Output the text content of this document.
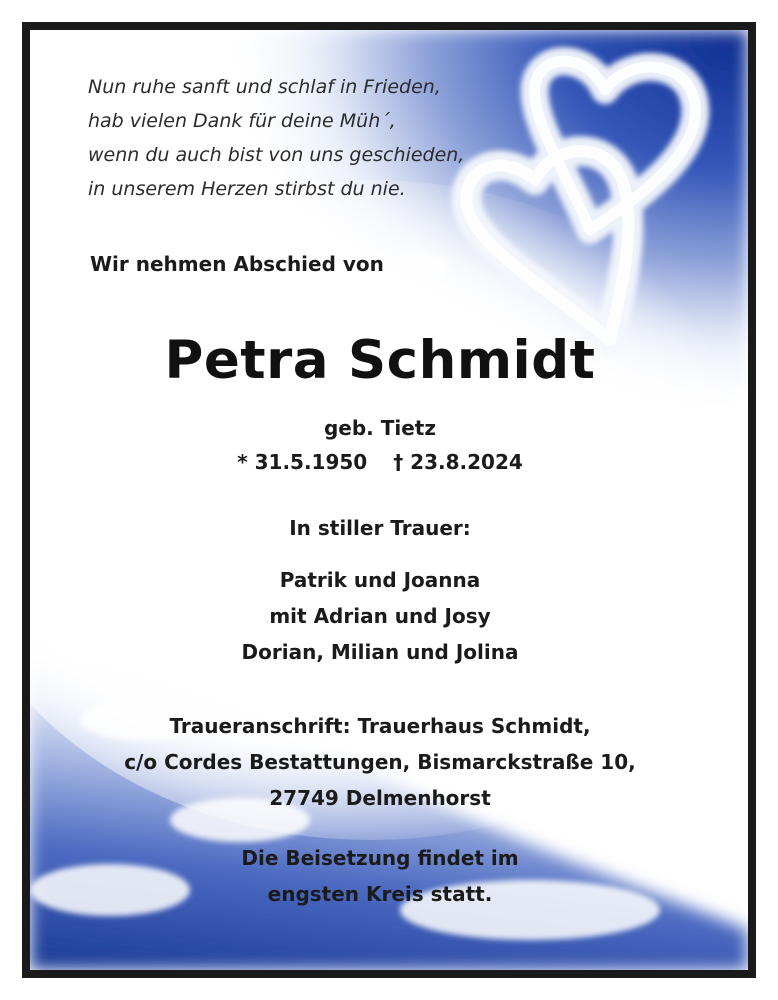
Nun ruhe sanft und schlaf in Frieden,
hab vielen Dank für deine Müh´,
wenn du auch bist von uns geschieden,
in unserem Herzen stirbst du nie.
Wir nehmen Abschied von
Petra Schmidt
geb. Tietz
* 31.5.1950 † 23.8.2024
In stiller Trauer:
Patrik und Joanna
mit Adrian und Josy
Dorian, Milian und Jolina
Traueranschrift: Trauerhaus Schmidt,
c/o Cordes Bestattungen, Bismarckstraße 10,
27749 Delmenhorst
Die Beisetzung findet im
engsten Kreis statt.
